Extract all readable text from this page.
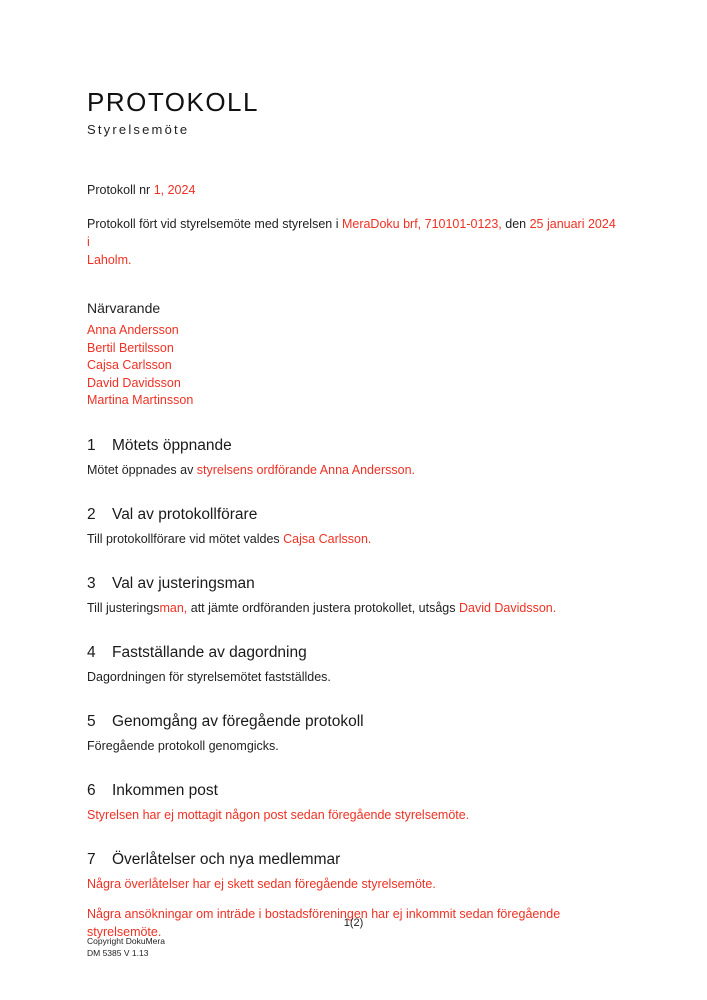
PROTOKOLL
Styrelsemöte
Protokoll nr 1, 2024
Protokoll fört vid styrelsemöte med styrelsen i MeraDoku brf, 710101-0123, den 25 januari 2024 i
Laholm.
Närvarande
Anna Andersson
Bertil Bertilsson
Cajsa Carlsson
David Davidsson
Martina Martinsson
1 Mötets öppnande
Mötet öppnades av styrelsens ordförande Anna Andersson.
2 Val av protokollförare
Till protokollförare vid mötet valdes Cajsa Carlsson.
3 Val av justeringsman
Till justeringsman, att jämte ordföranden justera protokollet, utsågs David Davidsson.
4 Fastställande av dagordning
Dagordningen för styrelsemötet fastställdes.
5 Genomgång av föregående protokoll
Föregående protokoll genomgicks.
6 Inkommen post
Styrelsen har ej mottagit någon post sedan föregående styrelsemöte.
7 Överlåtelser och nya medlemmar
Några överlåtelser har ej skett sedan föregående styrelsemöte.
Några ansökningar om inträde i bostadsföreningen har ej inkommit sedan föregående
styrelsemöte.
1(2)
Copyright DokuMera
DM 5385 V 1.13
